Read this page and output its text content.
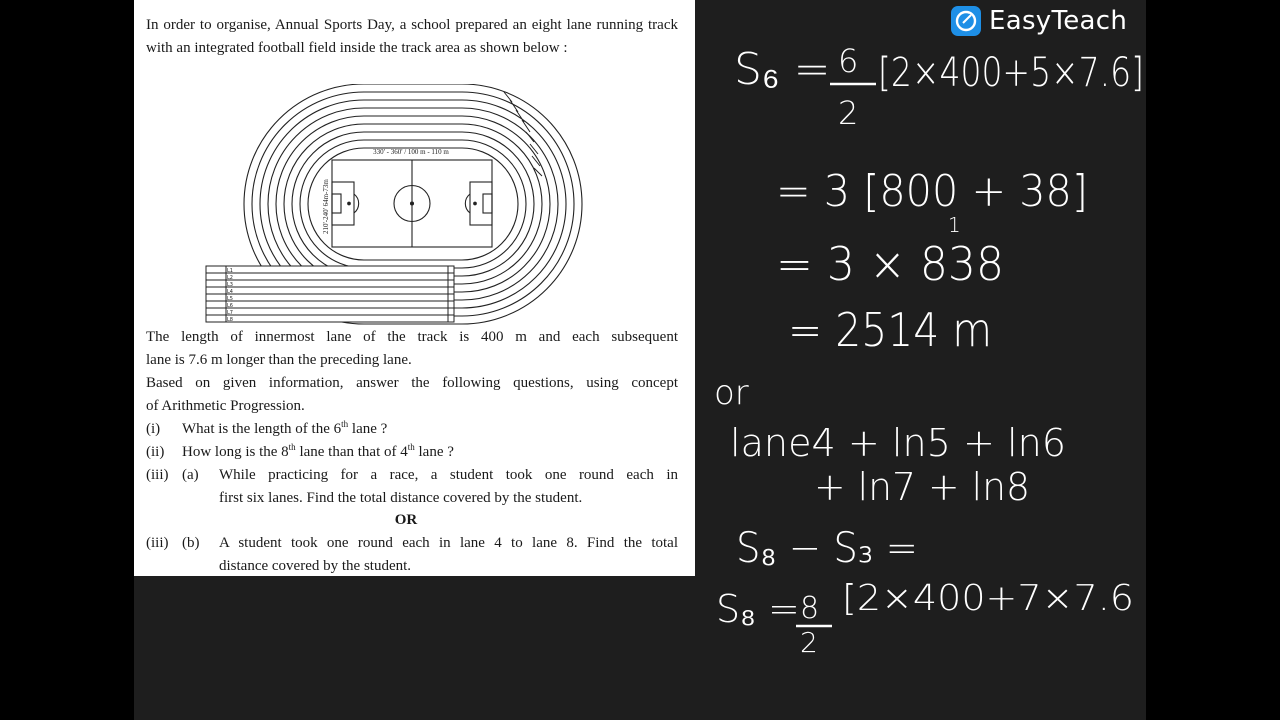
In order to organise, Annual Sports Day, a school prepared an eight lane running track with an integrated football field inside the track area as shown below :

L1
L2
L3
L4
L5
L6
L7
L8
330' - 360' / 100 m - 110 m
210'-240' 64m-73m
The length of innermost lane of the track is 400 m and each subsequent
lane is 7.6 m longer than the preceding lane.
Based on given information, answer the following questions, using concept
of Arithmetic Progression.
(i) What is the length of the 6th lane ?
(ii) How long is the 8th lane than that of 4th lane ?
(iii) (a) While practicing for a race, a student took one round each in
first six lanes. Find the total distance covered by the student.
OR
(iii) (b) A student took one round each in lane 4 to lane 8. Find the total
distance covered by the student.
EasyTeach
S₆ = 6
2
[2×400+5×7.6]
= 3 [800 + 38]
1
= 3 × 838
= 2514 m
or
lane4 + ln5 + ln6
+ ln7 + ln8
S₈ − S₃ =
S₈ = 8
2
[2×400+7×7.6
